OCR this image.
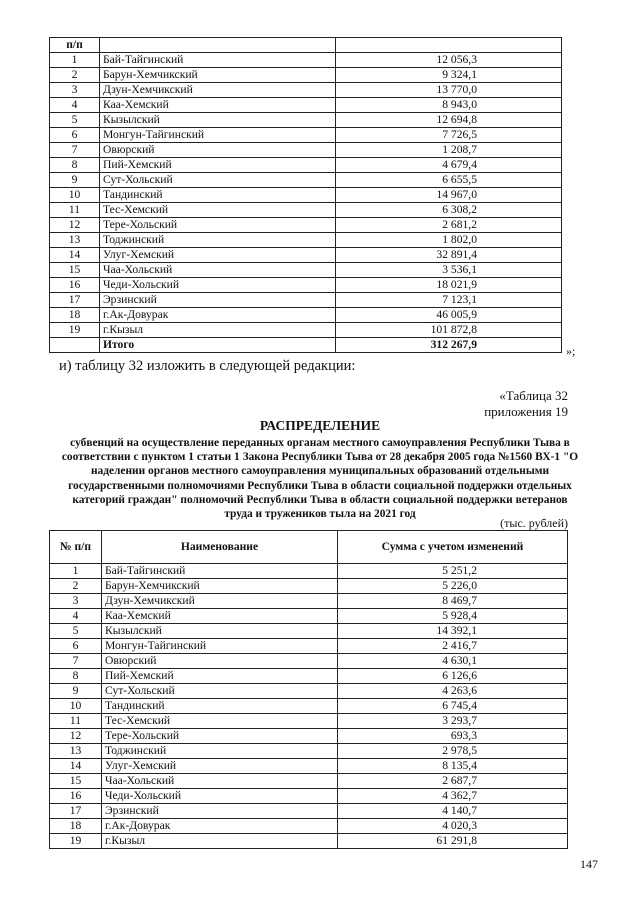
п/п		
1	Бай-Тайгинский	12 056,3
2	Барун-Хемчикский	9 324,1
3	Дзун-Хемчикский	13 770,0
4	Каа-Хемский	8 943,0
5	Кызылский	12 694,8
6	Монгун-Тайгинский	7 726,5
7	Овюрский	1 208,7
8	Пий-Хемский	4 679,4
9	Сут-Хольский	6 655,5
10	Тандинский	14 967,0
11	Тес-Хемский	6 308,2
12	Тере-Хольский	2 681,2
13	Тоджинский	1 802,0
14	Улуг-Хемский	32 891,4
15	Чаа-Хольский	3 536,1
16	Чеди-Хольский	18 021,9
17	Эрзинский	7 123,1
18	г.Ак-Довурак	46 005,9
19	г.Кызыл	101 872,8
	Итого	312 267,9	»;
и) таблицу 32 изложить в следующей редакции:
«Таблица 32
приложения 19
РАСПРЕДЕЛЕНИЕ
субвенций на осуществление переданных органам местного самоуправления Республики Тыва в соответствии с пунктом 1 статьи 1 Закона Республики Тыва от 28 декабря 2005 года №1560 ВХ-1 "О наделении органов местного самоуправления муниципальных образований отдельными государственными полномочиями Республики Тыва в области социальной поддержки отдельных категорий граждан" полномочий Республики Тыва в области социальной поддержки ветеранов труда и тружеников тыла на 2021 год
(тыс. рублей)
№ п/п	Наименование	Сумма с учетом изменений
1	Бай-Тайгинский	5 251,2
2	Барун-Хемчикский	5 226,0
3	Дзун-Хемчикский	8 469,7
4	Каа-Хемский	5 928,4
5	Кызылский	14 392,1
6	Монгун-Тайгинский	2 416,7
7	Овюрский	4 630,1
8	Пий-Хемский	6 126,6
9	Сут-Хольский	4 263,6
10	Тандинский	6 745,4
11	Тес-Хемский	3 293,7
12	Тере-Хольский	693,3
13	Тоджинский	2 978,5
14	Улуг-Хемский	8 135,4
15	Чаа-Хольский	2 687,7
16	Чеди-Хольский	4 362,7
17	Эрзинский	4 140,7
18	г.Ак-Довурак	4 020,3
19	г.Кызыл	61 291,8
147
